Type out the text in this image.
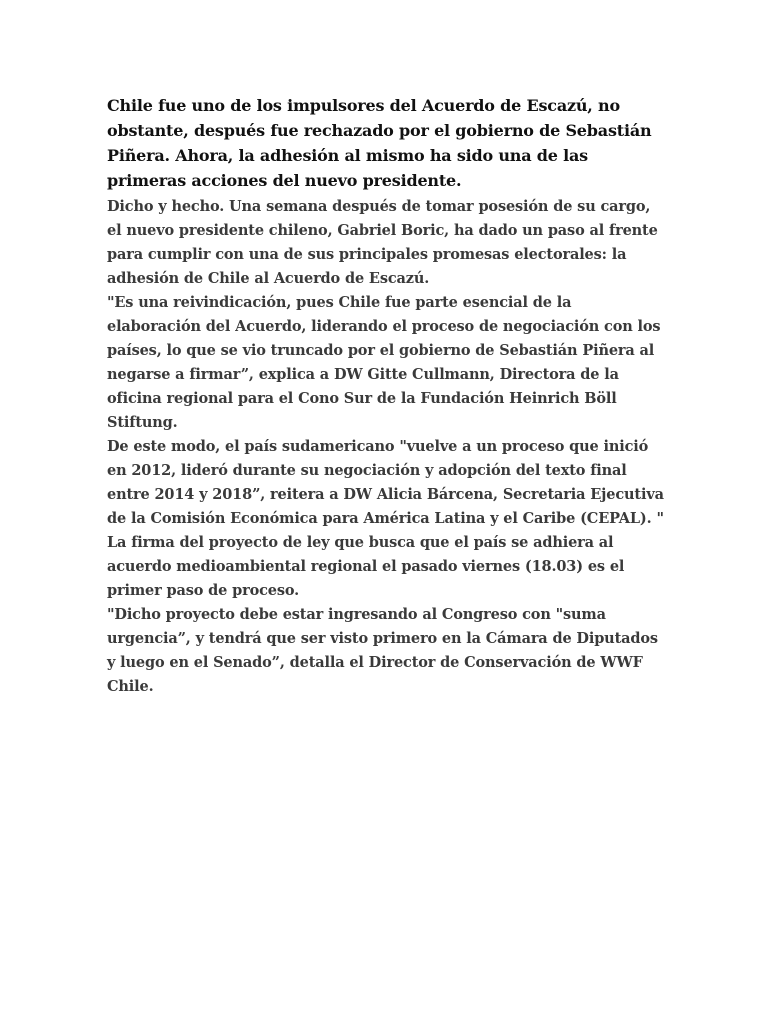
Chile fue uno de los impulsores del Acuerdo de Escazú, no obstante, después fue rechazado por el gobierno de Sebastián Piñera. Ahora, la adhesión al mismo ha sido una de las primeras acciones del nuevo presidente.

Dicho y hecho. Una semana después de tomar posesión de su cargo, el nuevo presidente chileno, Gabriel Boric, ha dado un paso al frente para cumplir con una de sus principales promesas electorales: la adhesión de Chile al Acuerdo de Escazú.

"Es una reivindicación, pues Chile fue parte esencial de la elaboración del Acuerdo, liderando el proceso de negociación con los países, lo que se vio truncado por el gobierno de Sebastián Piñera al negarse a firmar”, explica a DW Gitte Cullmann, Directora de la oficina regional para el Cono Sur de la Fundación Heinrich Böll Stiftung.

De este modo, el país sudamericano "vuelve a un proceso que inició en 2012, lideró durante su negociación y adopción del texto final entre 2014 y 2018”, reitera a DW Alicia Bárcena, Secretaria Ejecutiva de la Comisión Económica para América Latina y el Caribe (CEPAL). "

La firma del proyecto de ley que busca que el país se adhiera al acuerdo medioambiental regional el pasado viernes (18.03) es el primer paso de proceso.

"Dicho proyecto debe estar ingresando al Congreso con "suma urgencia”, y tendrá que ser visto primero en la Cámara de Diputados y luego en el Senado”, detalla el Director de Conservación de WWF Chile.
